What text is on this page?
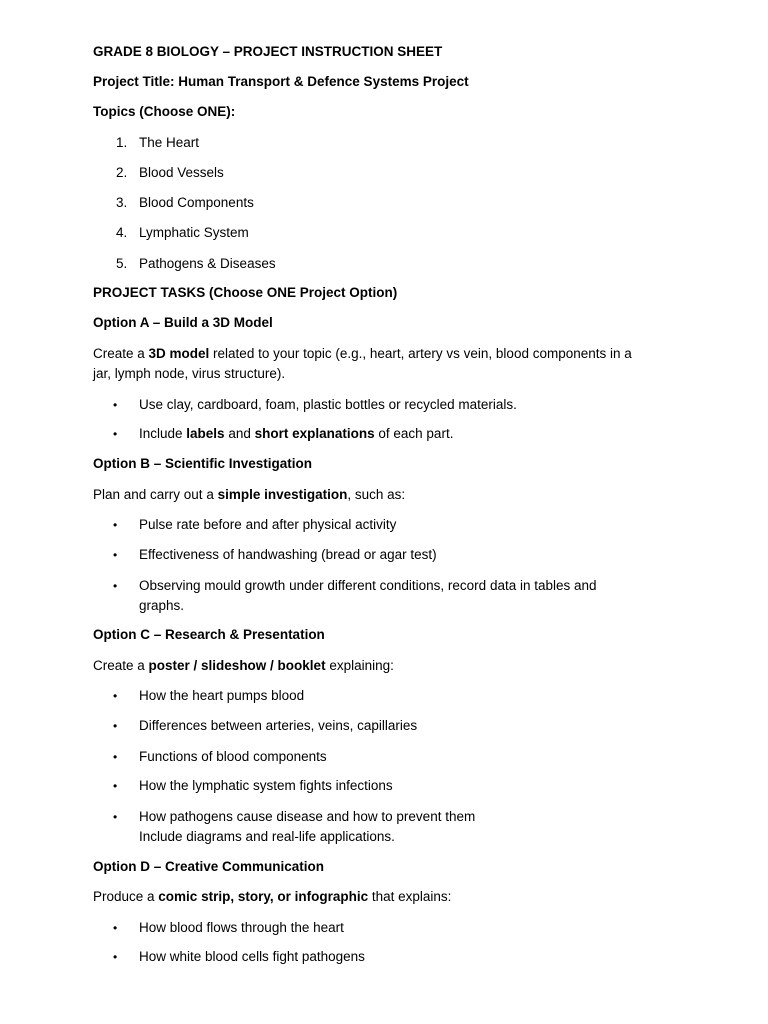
GRADE 8 BIOLOGY – PROJECT INSTRUCTION SHEET
Project Title: Human Transport & Defence Systems Project
Topics (Choose ONE):
1. The Heart
2. Blood Vessels
3. Blood Components
4. Lymphatic System
5. Pathogens & Diseases
PROJECT TASKS (Choose ONE Project Option)
Option A – Build a 3D Model
Create a 3D model related to your topic (e.g., heart, artery vs vein, blood components in a
jar, lymph node, virus structure).
•	Use clay, cardboard, foam, plastic bottles or recycled materials.
•	Include labels and short explanations of each part.
Option B – Scientific Investigation
Plan and carry out a simple investigation, such as:
•	Pulse rate before and after physical activity
•	Effectiveness of handwashing (bread or agar test)
•	Observing mould growth under different conditions, record data in tables and graphs.
Option C – Research & Presentation
Create a poster / slideshow / booklet explaining:
•	How the heart pumps blood
•	Differences between arteries, veins, capillaries
•	Functions of blood components
•	How the lymphatic system fights infections
•	How pathogens cause disease and how to prevent them
Include diagrams and real-life applications.
Option D – Creative Communication
Produce a comic strip, story, or infographic that explains:
•	How blood flows through the heart
•	How white blood cells fight pathogens
